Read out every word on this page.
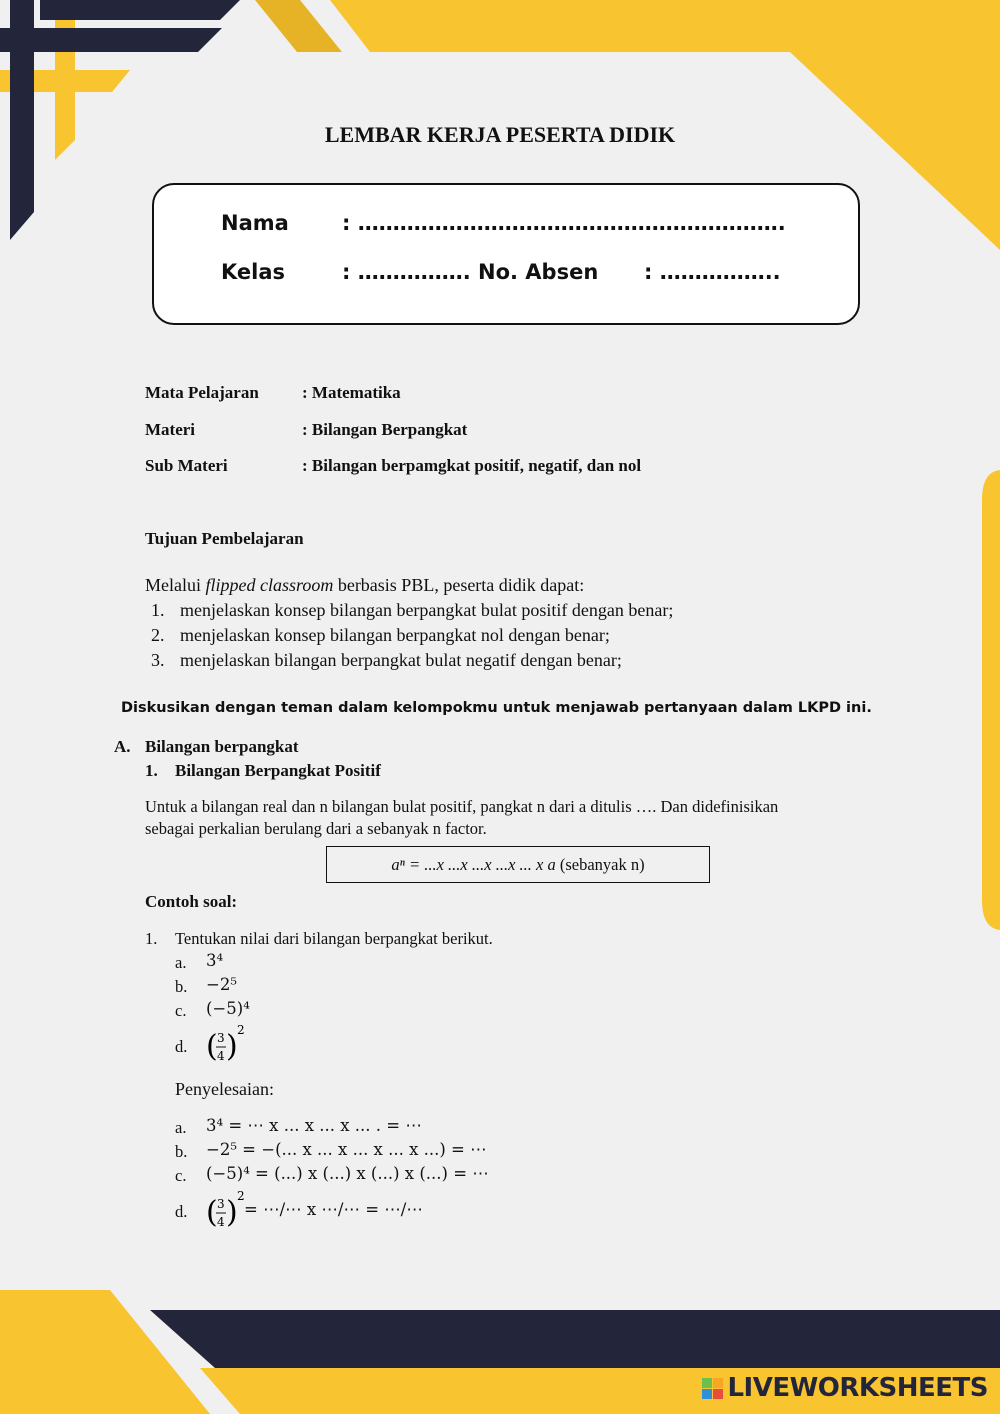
LEMBAR KERJA PESERTA DIDIK
Nama	: …………………………………………………….
Kelas	: ……………. No. Absen : ……………..
Mata Pelajaran	: Matematika
Materi	: Bilangan Berpangkat
Sub Materi	: Bilangan berpamgkat positif, negatif, dan nol
Tujuan Pembelajaran
Melalui flipped classroom berbasis PBL, peserta didik dapat:
1. menjelaskan konsep bilangan berpangkat bulat positif dengan benar;
2. menjelaskan konsep bilangan berpangkat nol dengan benar;
3. menjelaskan bilangan berpangkat bulat negatif dengan benar;
Diskusikan dengan teman dalam kelompokmu untuk menjawab pertanyaan dalam LKPD ini.
A. Bilangan berpangkat
1. Bilangan Berpangkat Positif
Untuk a bilangan real dan n bilangan bulat positif, pangkat n dari a ditulis …. Dan didefinisikan
sebagai perkalian berulang dari a sebanyak n factor.
aⁿ = ...x ...x ...x ...x ... x a (sebanyak n)
Contoh soal:
1. Tentukan nilai dari bilangan berpangkat berikut.
a. 3⁴
b. −2⁵
c. (−5)⁴
d. ( 3
4 ) 2
Penyelesaian:
a. 3⁴ = ⋯ x ... x ... x ... . = ⋯
b. −2⁵ = −(... x ... x ... x ... x ...) = ⋯
c. (−5)⁴ = (...) x (...) x (...) x (...) = ⋯
d. ( 3
4 ) 2
= ⋯/⋯ x ⋯/⋯ = ⋯/⋯
LIVEWORKSHEETS
